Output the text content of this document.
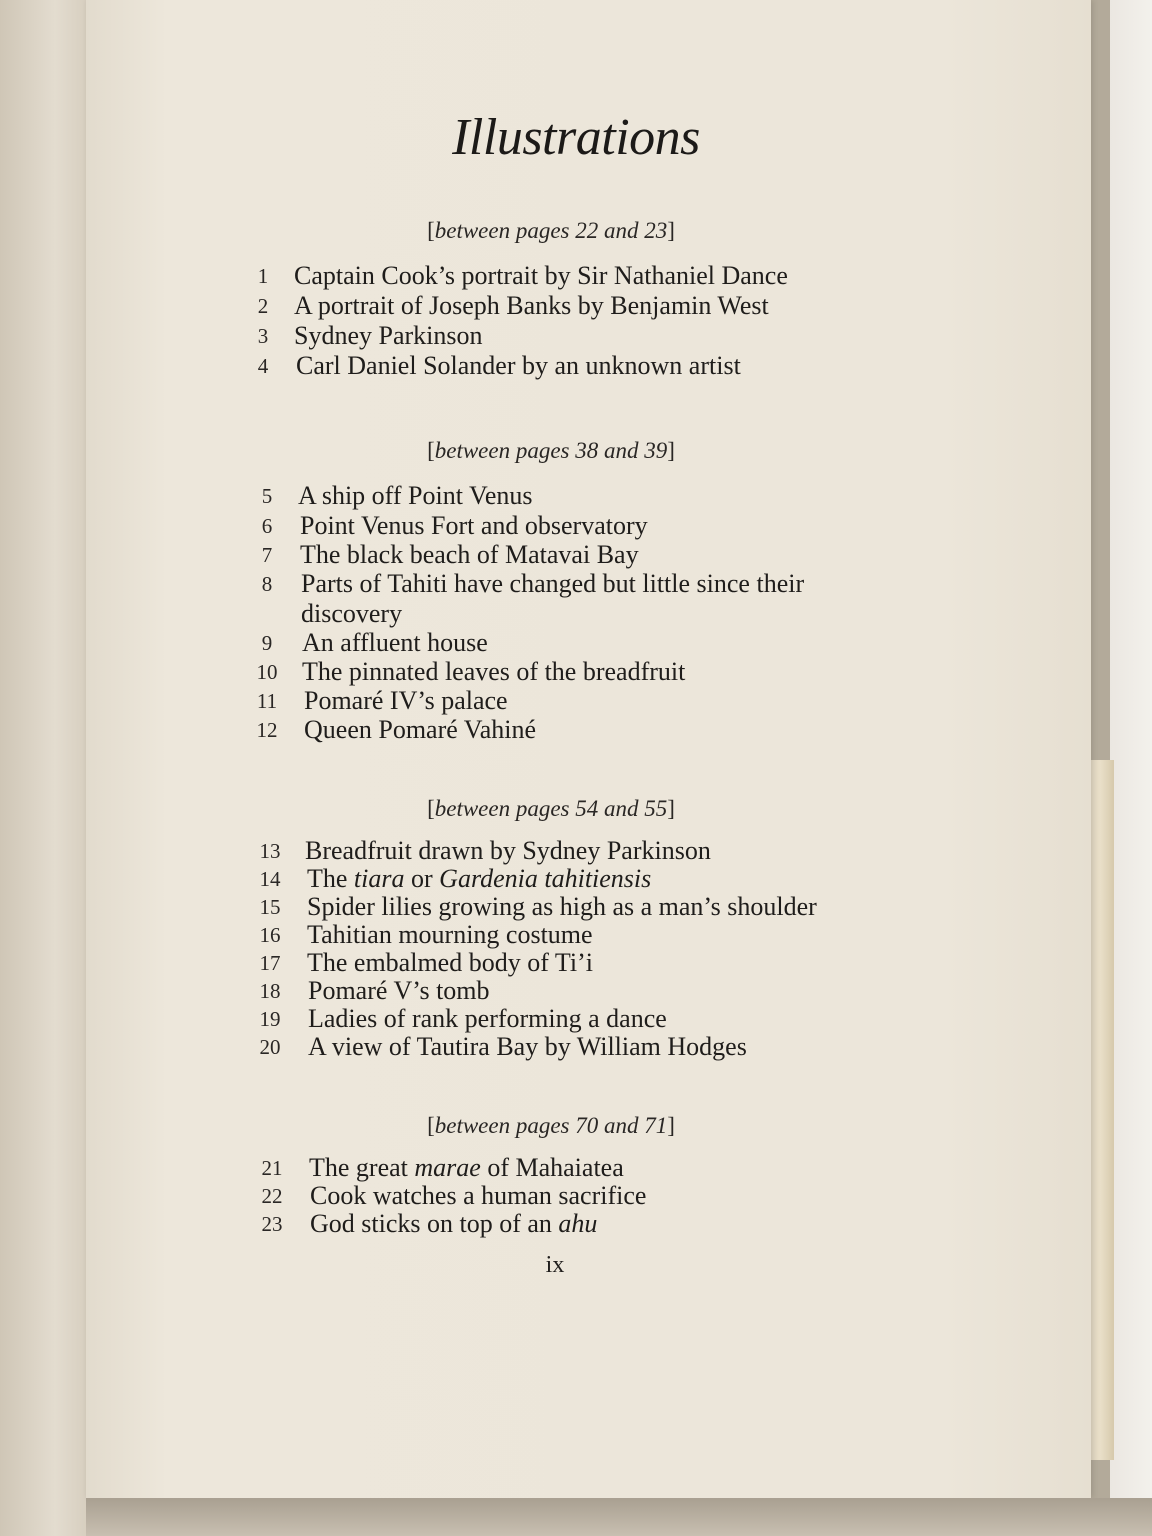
Illustrations

[between pages 22 and 23]

1 Captain Cook’s portrait by Sir Nathaniel Dance
2 A portrait of Joseph Banks by Benjamin West
3 Sydney Parkinson
4	Carl Daniel Solander by an unknown artist

[between pages 38 and 39]

5 A ship off Point Venus
6	Point Venus Fort and observatory
7	The black beach of Matavai Bay
8	Parts of Tahiti have changed but little since their discovery
9	An affluent house
10 The pinnated leaves of the breadfruit
11 Pomaré IV’s palace
12 Queen Pomaré Vahiné

[between pages 54 and 55]

13 Breadfruit drawn by Sydney Parkinson
14 The tiara or Gardenia tahitiensis
15 Spider lilies growing as high as a man’s shoulder
16 Tahitian mourning costume
17 The embalmed body of Ti’i
18 Pomaré V’s tomb
19 Ladies of rank performing a dance
20 A view of Tautira Bay by William Hodges

[between pages 70 and 71]

21 The great marae of Mahaiatea
22 Cook watches a human sacrifice
23 God sticks on top of an ahu
ix
